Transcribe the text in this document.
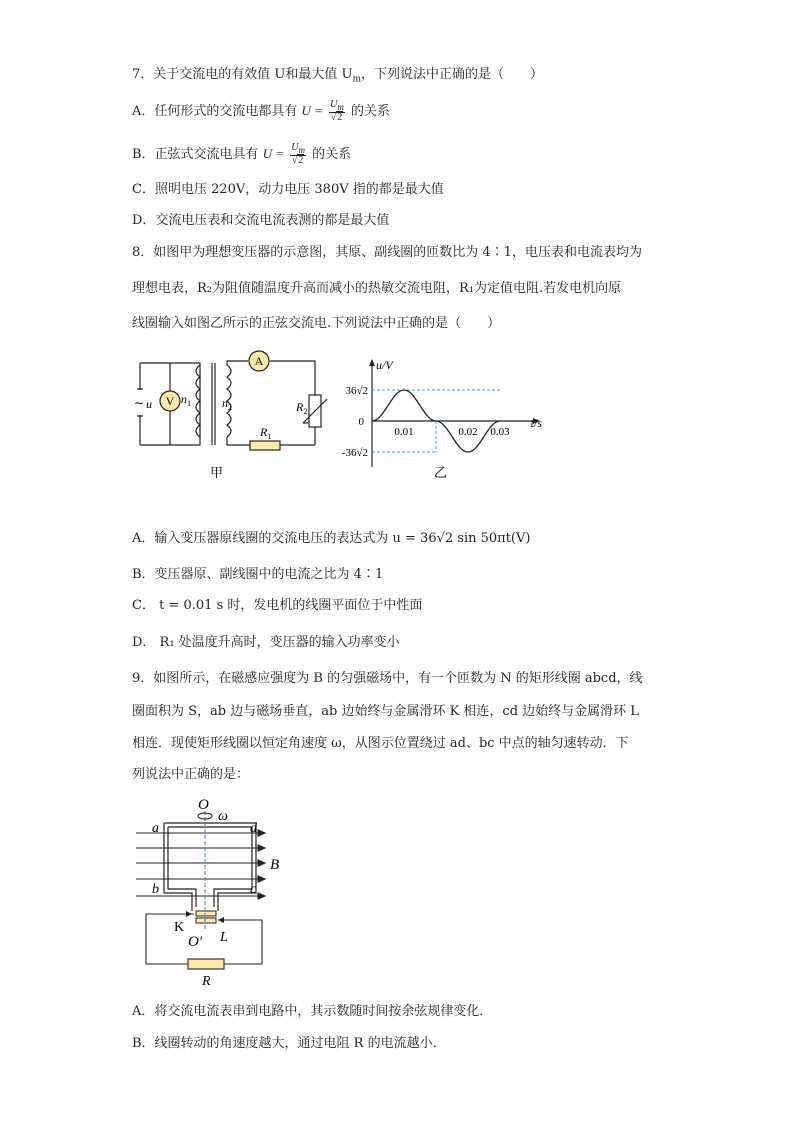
7．关于交流电的有效值 U和最大值 $U_m$，下列说法中正确的是（　　）
A．任何形式的交流电都具有 $U = \frac{U_m}{√2}$ 的关系
B．正弦式交流电具有 $U = \frac{U_m}{√2}$ 的关系
C．照明电压 220V，动力电压 380V 指的都是最大值
D．交流电压表和交流电流表测的都是最大值
8．如图甲为理想变压器的示意图，其原、副线圈的匝数比为 4∶1，电压表和电流表均为
理想电表，R₂为阻值随温度升高而减小的热敏交流电阻，R₁为定值电阻.若发电机向原
线圈输入如图乙所示的正弦交流电.下列说法中正确的是（　　）
A
V
∼ u
$R_1$
$R_2$
$n_1$	$n_2$
甲
u/V
t/s
36√2
0
-36√2
0.01	0.02 0.03
乙
A．输入变压器原线圈的交流电压的表达式为 u = 36√2 sin 50πt(V)
B．变压器原、副线圈中的电流之比为 4∶1
C． t = 0.01 s 时，发电机的线圈平面位于中性面
D． R₁ 处温度升高时，变压器的输入功率变小
9．如图所示，在磁感应强度为 B 的匀强磁场中，有一个匝数为 N 的矩形线圈 abcd，线
圈面积为 S，ab 边与磁场垂直，ab 边始终与金属滑环 K 相连，cd 边始终与金属滑环 L
相连．现使矩形线圈以恒定角速度 ω，从图示位置绕过 ad、bc 中点的轴匀速转动．下
列说法中正确的是：
O
ω
a	d
b	c
B
K
L
O′
R
A．将交流电流表串到电路中，其示数随时间按余弦规律变化．
B．线圈转动的角速度越大，通过电阻 R 的电流越小．
